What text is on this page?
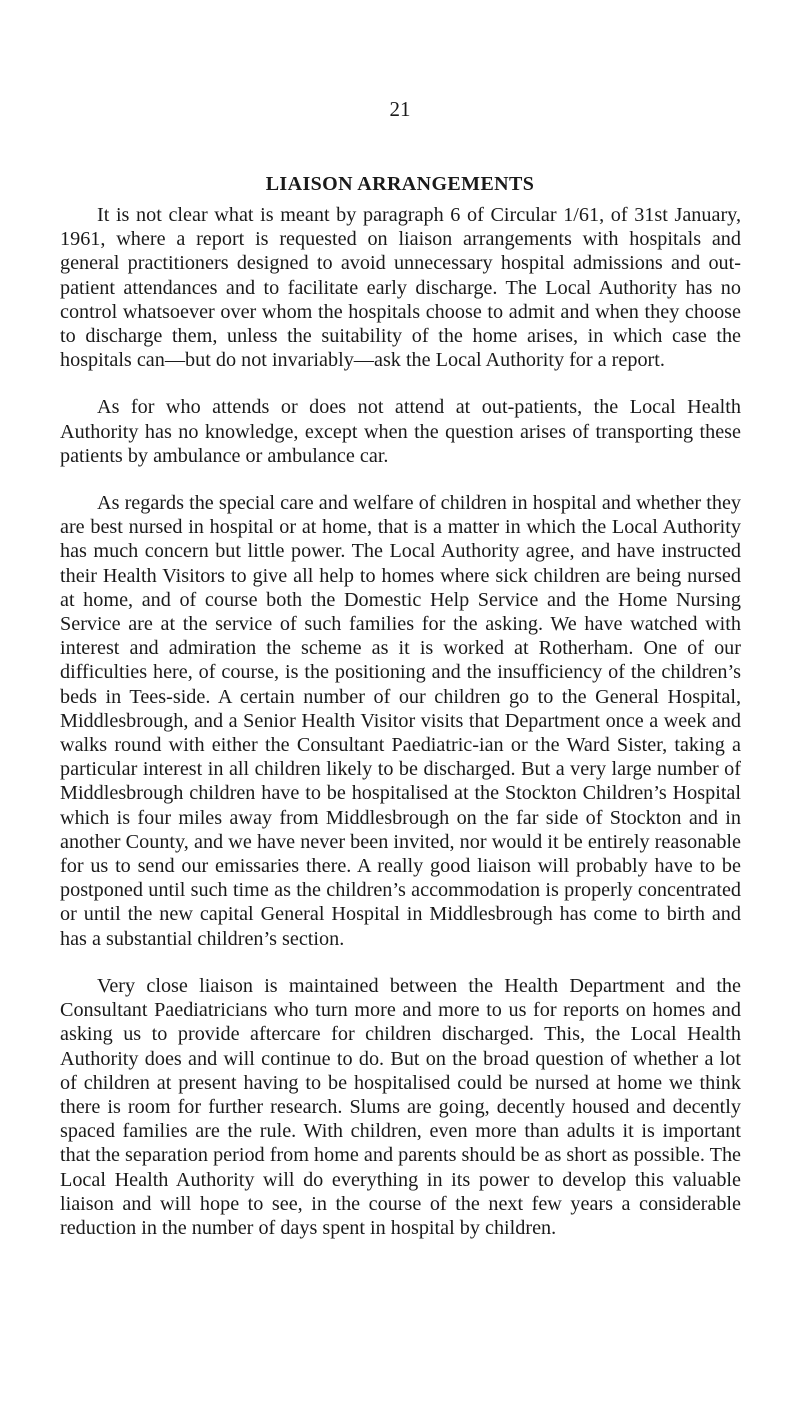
21
LIAISON ARRANGEMENTS

It is not clear what is meant by paragraph 6 of Circular 1/61, of 31st January, 1961, where a report is requested on liaison arrangements with hospitals and general practitioners designed to avoid unnecessary hospital admissions and out-patient attendances and to facilitate early discharge. The Local Authority has no control whatsoever over whom the hospitals choose to admit and when they choose to discharge them, unless the suitability of the home arises, in which case the hospitals can—but do not invariably—ask the Local Authority for a report.

As for who attends or does not attend at out-patients, the Local Health Authority has no knowledge, except when the question arises of transporting these patients by ambulance or ambulance car.

As regards the special care and welfare of children in hospital and whether they are best nursed in hospital or at home, that is a matter in which the Local Authority has much concern but little power. The Local Authority agree, and have instructed their Health Visitors to give all help to homes where sick children are being nursed at home, and of course both the Domestic Help Service and the Home Nursing Service are at the service of such families for the asking. We have watched with interest and admiration the scheme as it is worked at Rotherham. One of our difficulties here, of course, is the positioning and the insufficiency of the children’s beds in Tees-side. A certain number of our children go to the General Hospital, Middlesbrough, and a Senior Health Visitor visits that Department once a week and walks round with either the Consultant Paediatric-ian or the Ward Sister, taking a particular interest in all children likely to be discharged. But a very large number of Middlesbrough children have to be hospitalised at the Stockton Children’s Hospital which is four miles away from Middlesbrough on the far side of Stockton and in another County, and we have never been invited, nor would it be entirely reasonable for us to send our emissaries there. A really good liaison will probably have to be postponed until such time as the children’s accommodation is properly concentrated or until the new capital General Hospital in Middlesbrough has come to birth and has a substantial children’s section.

Very close liaison is maintained between the Health Department and the Consultant Paediatricians who turn more and more to us for reports on homes and asking us to provide aftercare for children discharged. This, the Local Health Authority does and will continue to do. But on the broad question of whether a lot of children at present having to be hospitalised could be nursed at home we think there is room for further research. Slums are going, decently housed and decently spaced families are the rule. With children, even more than adults it is important that the separation period from home and parents should be as short as possible. The Local Health Authority will do everything in its power to develop this valuable liaison and will hope to see, in the course of the next few years a considerable reduction in the number of days spent in hospital by children.
